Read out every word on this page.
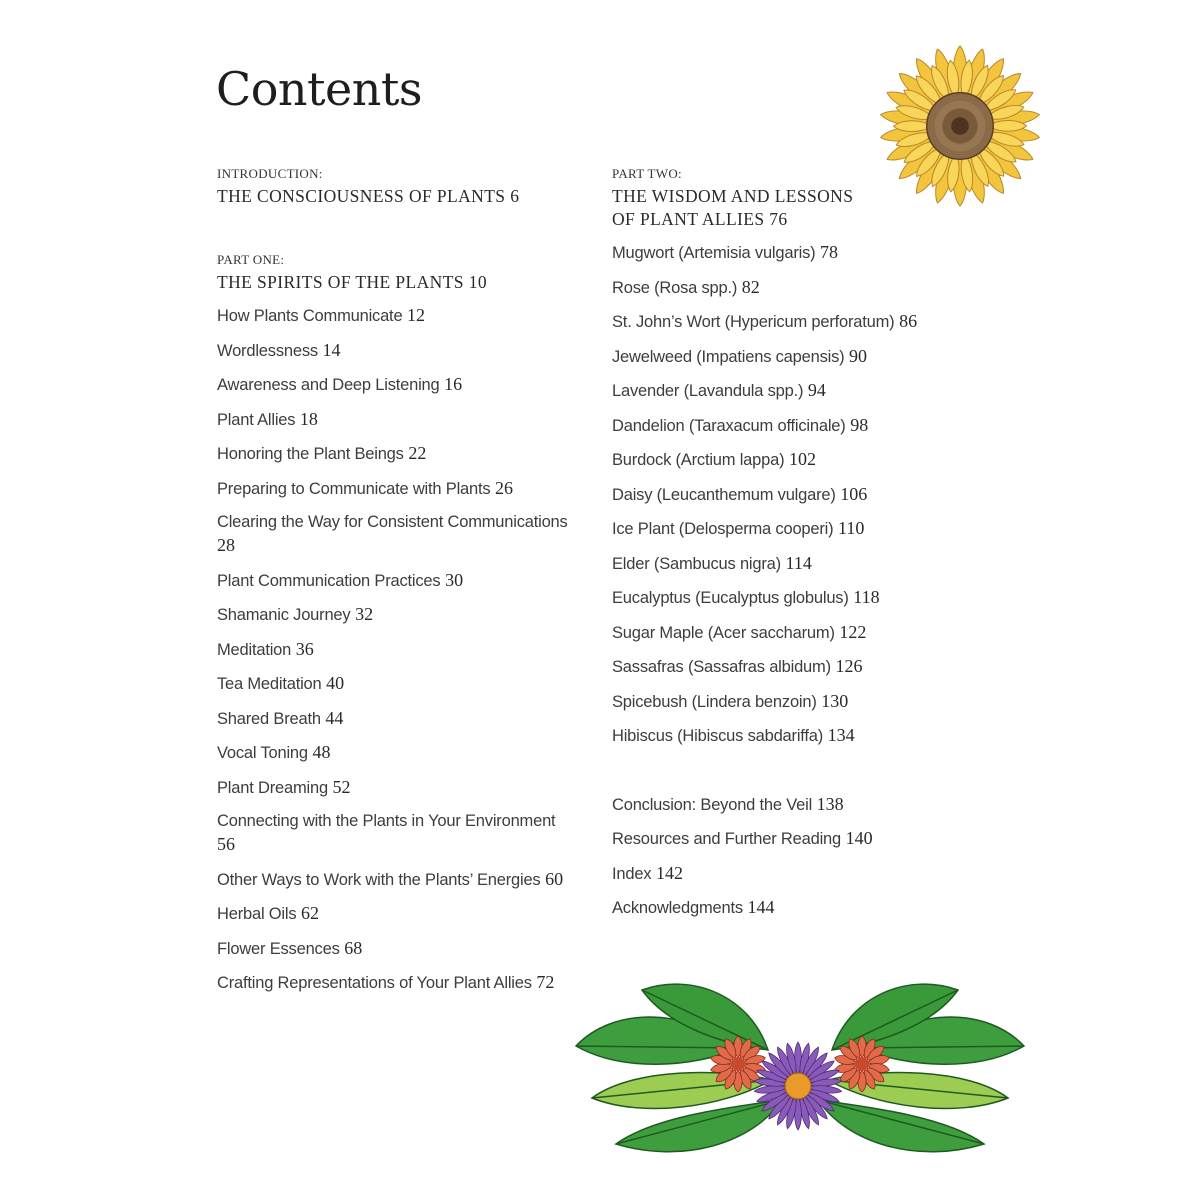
Contents

INTRODUCTION:

THE CONSCIOUSNESS OF PLANTS 6

PART ONE:

THE SPIRITS OF THE PLANTS 10

How Plants Communicate 12

Wordlessness 14

Awareness and Deep Listening 16

Plant Allies 18

Honoring the Plant Beings 22

Preparing to Communicate with Plants 26

Clearing the Way for Consistent Communications 28

Plant Communication Practices 30

Shamanic Journey 32

Meditation 36

Tea Meditation 40

Shared Breath 44

Vocal Toning 48

Plant Dreaming 52

Connecting with the Plants in Your Environment 56

Other Ways to Work with the Plants’ Energies 60

Herbal Oils 62

Flower Essences 68

Crafting Representations of Your Plant Allies 72

PART TWO:

THE WISDOM AND LESSONS
OF PLANT ALLIES 76

Mugwort (Artemisia vulgaris) 78

Rose (Rosa spp.) 82

St. John’s Wort (Hypericum perforatum) 86

Jewelweed (Impatiens capensis) 90

Lavender (Lavandula spp.) 94

Dandelion (Taraxacum officinale) 98

Burdock (Arctium lappa) 102

Daisy (Leucanthemum vulgare) 106

Ice Plant (Delosperma cooperi) 110

Elder (Sambucus nigra) 114

Eucalyptus (Eucalyptus globulus) 118

Sugar Maple (Acer saccharum) 122

Sassafras (Sassafras albidum) 126

Spicebush (Lindera benzoin) 130

Hibiscus (Hibiscus sabdariffa) 134

Conclusion: Beyond the Veil 138

Resources and Further Reading 140

Index 142

Acknowledgments 144
